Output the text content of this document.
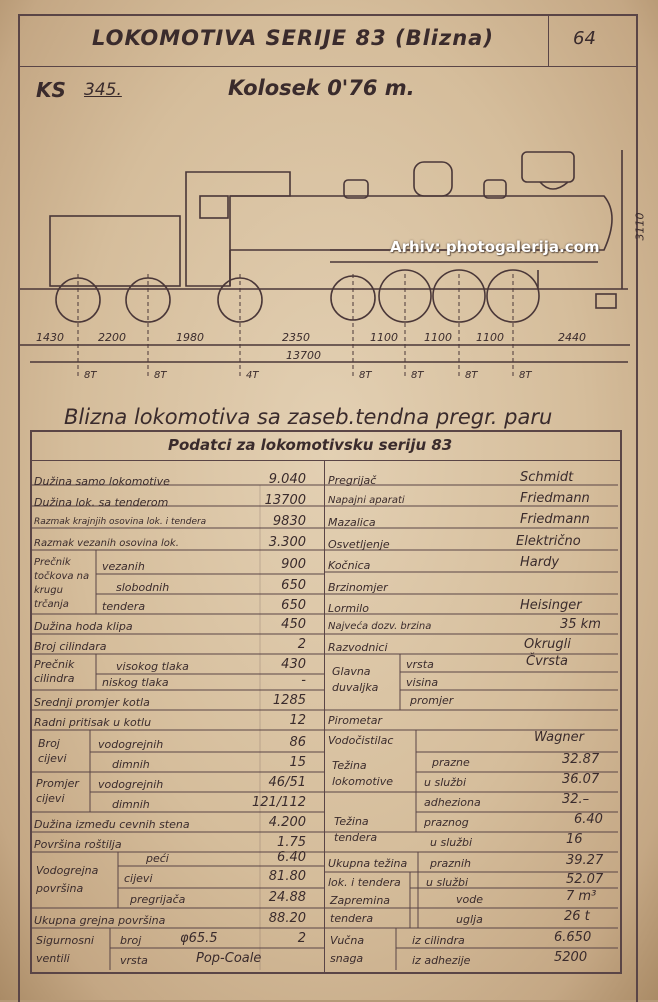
LOKOMOTIVA SERIJE 83 (Blizna)	64
KS 345.	Kolosek 0'76 m.
Arhiv: photogalerija.com
1430	2200	1980	2350	1100 1100 1100	2440
13700
3110
8T	8T	4T	8T	8T	8T	8T
Blizna lokomotiva sa zaseb.tendna pregr. paru
Podatci za lokomotivsku seriju 83
Dužina samo lokomotive	9.040
Dužina lok. sa tenderom	13700
Razmak krajnjih osovina lok. i tendera	9830
Razmak vezanih osovina lok.	3.300
Prečnik točkova na krugu trčanja
vezanih	900
slobodnih	650
tendera	650
Dužina hoda klipa	450
Broj cilindara	2
Prečnik cilindra
visokog tlaka	430
niskog tlaka	-
Srednji promjer kotla	1285
Radni pritisak u kotlu	12
Broj cijevi
vodogrejnih	86
dimnih	15
Promjer cijevi
vodogrejnih	46/51
dimnih	121/112
Dužina između cevnih stena	4.200
Površina roštilja	1.75
Vodogrejna površina
peći	6.40
cijevi	81.80
pregrijača	24.88
Ukupna grejna površina	88.20
Sigurnosni ventili
broj	φ65.5	2
vrsta	Pop-Coale
Pregrijač	Schmidt
Napajni aparati	Friedmann
Mazalica	Friedmann
Osvetljenje	Električno
Kočnica	Hardy
Brzinomjer
Lormilo	Heisinger
Najveća dozv. brzina	35 km
Razvodnici	Okrugli
Glavna duvaljka
vrsta	Čvrsta
visina
promjer
Pirometar
Vodočistilac	Wagner
Težina lokomotive
prazne	32.87
u službi	36.07
adheziona	32.–
Težina tendera
praznog	6.40
u službi	16
Ukupna težina praznih	39.27
lok. i tendera u službi	52.07
Zapremina tendera
vode	7 m³
uglja	26 t
Vučna snaga
iz cilindra	6.650
iz adhezije	5200
